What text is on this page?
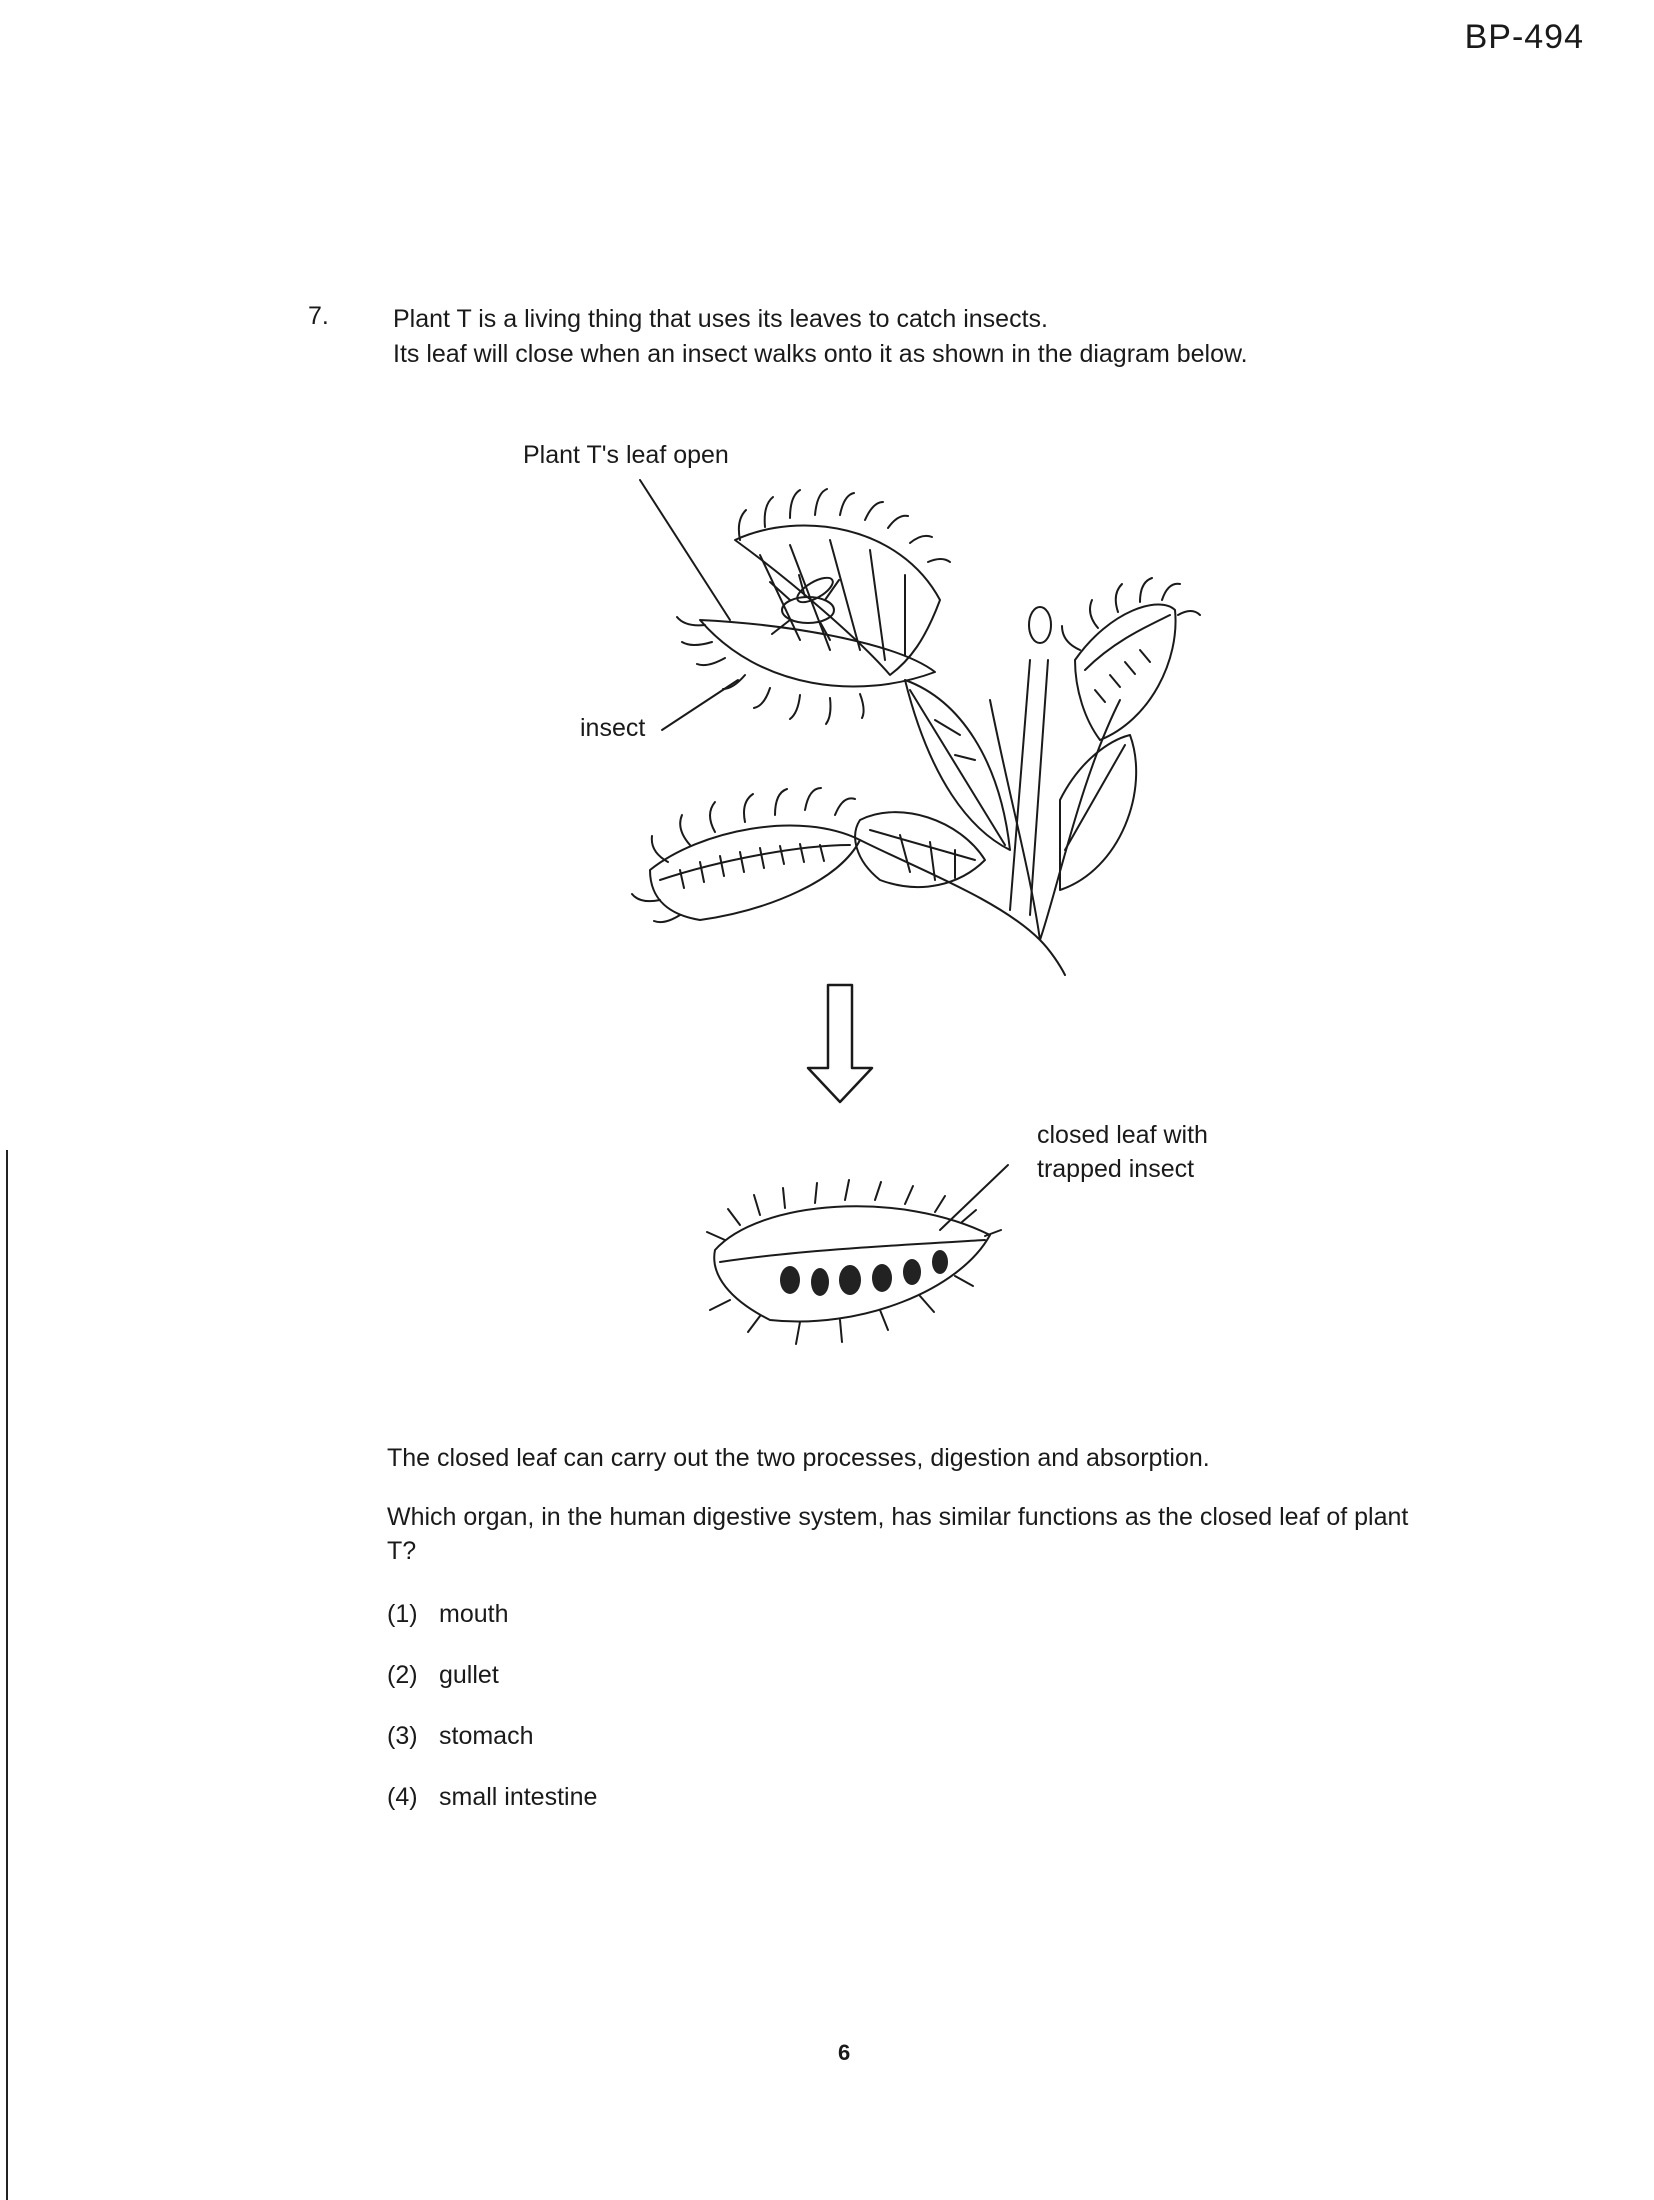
BP-494
7.	Plant T is a living thing that uses its leaves to catch insects.
Its leaf will close when an insect walks onto it as shown in the diagram below.
Plant T's leaf open
insect
closed leaf with
trapped insect
The closed leaf can carry out the two processes, digestion and absorption.
Which organ, in the human digestive system, has similar functions as the closed leaf of plant T?
(1) mouth
(2) gullet
(3) stomach
(4) small intestine
6
